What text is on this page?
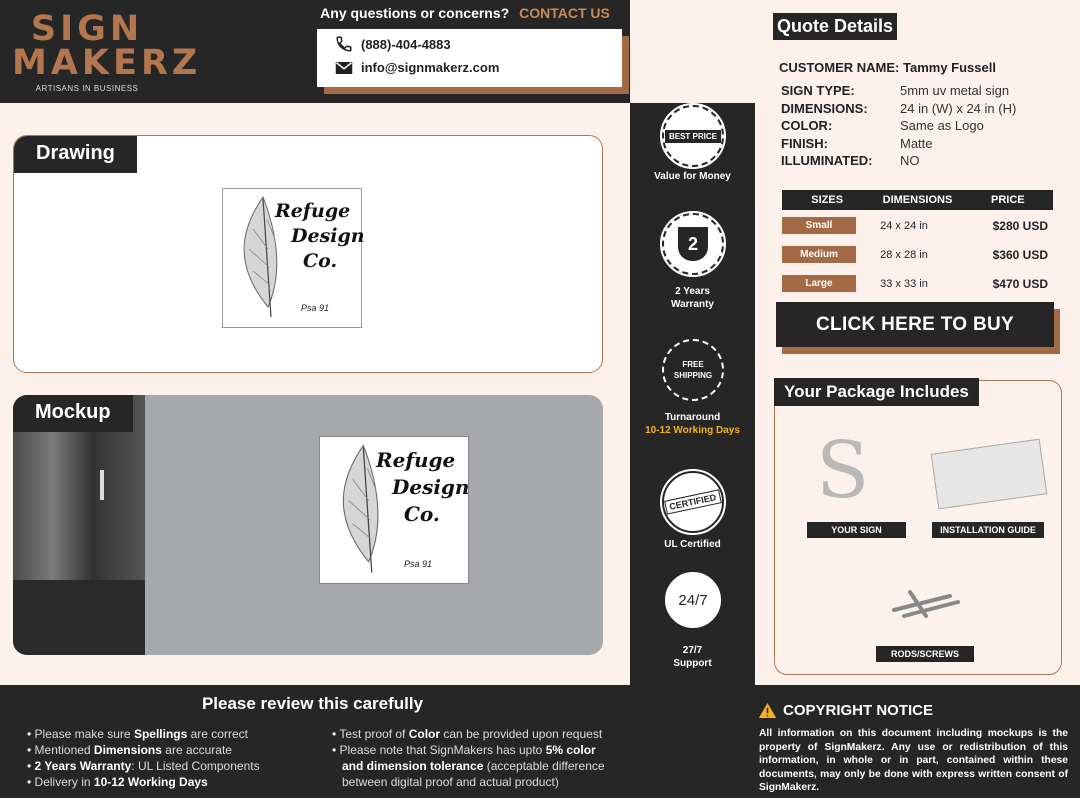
SIGN
MAKERZ
ARTISANS IN BUSINESS
Any questions or concerns? CONTACT US
(888)-404-4883
info@signmakerz.com
Drawing
Refuge
Design
Co.
Psa 91
Mockup
Refuge
Design
Co.
Psa 91
BEST PRICE
Value for Money
2
2 Years
Warranty
FREE SHIPPING
Turnaround
10-12 Working Days
CERTIFIED
UL Certified
24/7
27/7
Support
Quote Details
CUSTOMER NAME: Tammy Fussell
SIGN TYPE:	5mm uv metal sign
DIMENSIONS:	24 in (W) x 24 in (H)
COLOR:	Same as Logo
FINISH:	Matte
ILLUMINATED:	NO
SIZES	DIMENSIONS	PRICE
Small	24 x 24 in	$280 USD
Medium	28 x 28 in	$360 USD
Large	33 x 33 in	$470 USD
CLICK HERE TO BUY
Your Package Includes
S
YOUR SIGN	INSTALLATION GUIDE
RODS/SCREWS
Please review this carefully
• Please make sure Spellings are correct
• Mentioned Dimensions are accurate
• 2 Years Warranty: UL Listed Components
• Delivery in 10-12 Working Days
• Test proof of Color can be provided upon request
• Please note that SignMakers has upto 5% color
and dimension tolerance (acceptable difference
between digital proof and actual product)
COPYRIGHT NOTICE
All information on this document including mockups is the property of SignMakerz. Any use or redistribution of this information, in whole or in part, contained within these documents, may only be done with express written consent of SignMakerz.
